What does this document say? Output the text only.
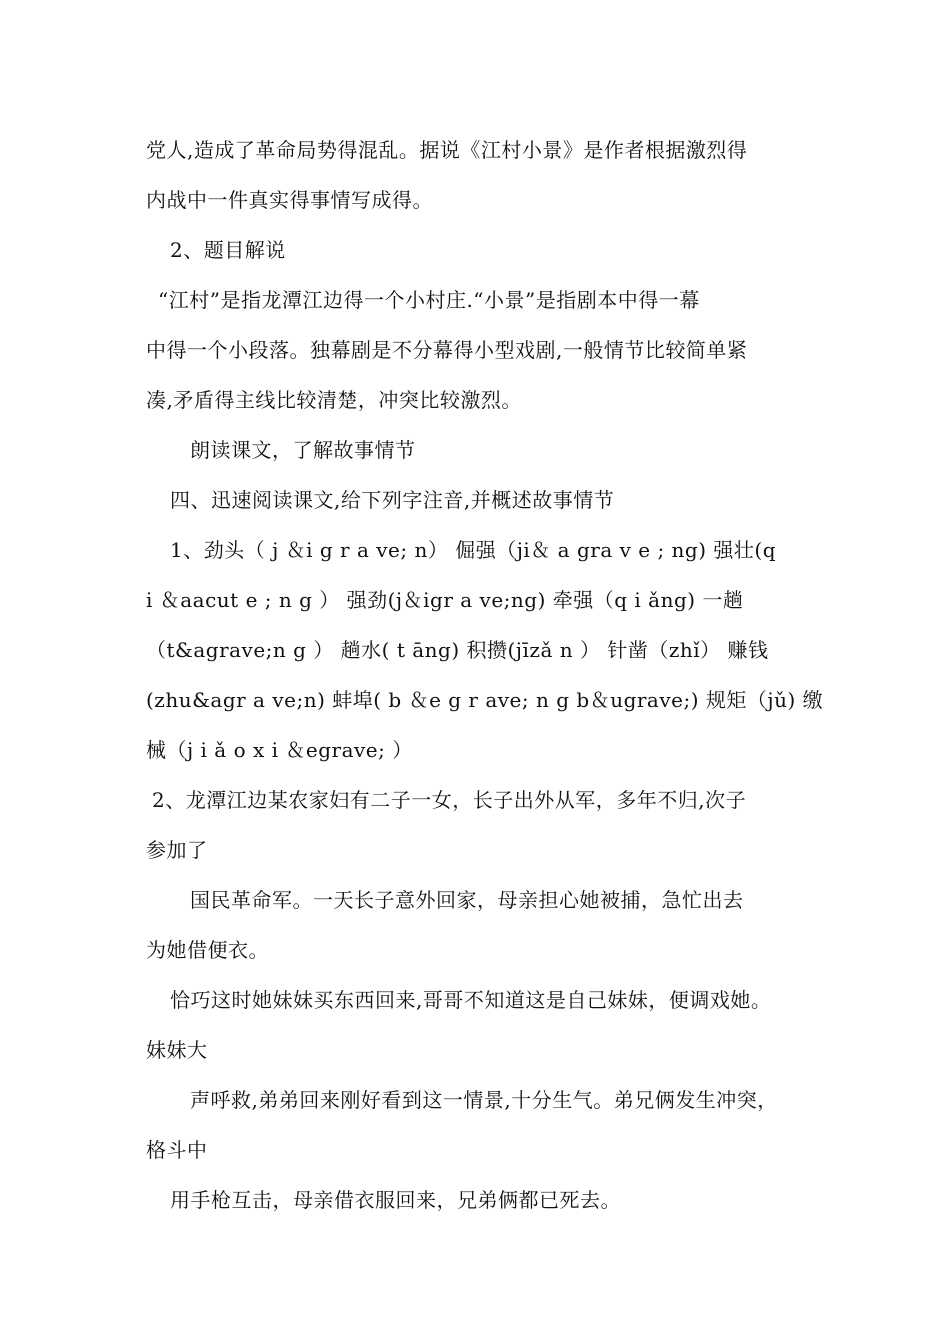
党人,造成了革命局势得混乱。据说《江村小景》是作者根据激烈得
内战中一件真实得事情写成得。
2、题目解说
“江村”是指龙潭江边得一个小村庄.“小景”是指剧本中得一幕
中得一个小段落。独幕剧是不分幕得小型戏剧,一般情节比较简单紧
凑,矛盾得主线比较清楚，冲突比较激烈。
朗读课文，了解故事情节
四、迅速阅读课文,给下列字注音,并概述故事情节
1、劲头（ j ＆i g r a ve; n） 倔强（ji＆ a gra v e ; ng) 强壮(q
i ＆aacut e ; n g ） 强劲(j＆igr a ve;ng) 牵强（q i ǎng) 一趟
（t&agrave;n g ） 趟水( t āng) 积攒(jīzǎ n ） 针凿（zhǐ） 赚钱
(zhu&agr a ve;n) 蚌埠( b ＆e g r ave; n g b＆ugrave;) 规矩（jǔ) 缴
械（j i ǎ o x i ＆egrave; ）
2、龙潭江边某农家妇有二子一女，长子出外从军，多年不归,次子
参加了
国民革命军。一天长子意外回家，母亲担心她被捕，急忙出去
为她借便衣。
恰巧这时她妹妹买东西回来,哥哥不知道这是自己妹妹，便调戏她。
妹妹大
声呼救,弟弟回来刚好看到这一情景,十分生气。弟兄俩发生冲突，
格斗中
用手枪互击，母亲借衣服回来，兄弟俩都已死去。
